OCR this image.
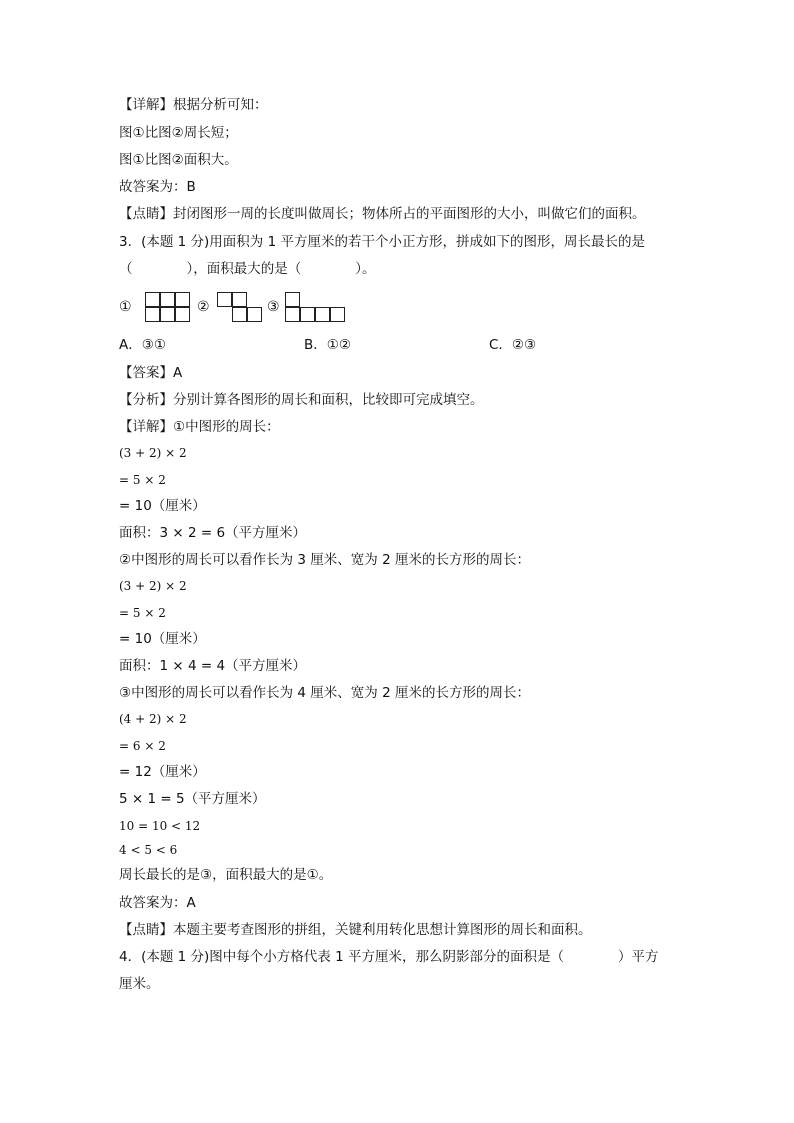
【详解】根据分析可知：
图①比图②周长短；
图①比图②面积大。
故答案为：B
【点睛】封闭图形一周的长度叫做周长；物体所占的平面图形的大小，叫做它们的面积。
3．(本题 1 分)用面积为 1 平方厘米的若干个小正方形，拼成如下的图形，周长最长的是
（　　　　），面积最大的是（　　　　）。
①	②	③
A．③①	B．①②	C．②③
【答案】A
【分析】分别计算各图形的周长和面积，比较即可完成填空。
【详解】①中图形的周长：
(3 + 2) × 2
= 5 × 2
= 10（厘米）
面积：3 × 2 = 6（平方厘米）
②中图形的周长可以看作长为 3 厘米、宽为 2 厘米的长方形的周长：
(3 + 2) × 2
= 5 × 2
= 10（厘米）
面积：1 × 4 = 4（平方厘米）
③中图形的周长可以看作长为 4 厘米、宽为 2 厘米的长方形的周长：
(4 + 2) × 2
= 6 × 2
= 12（厘米）
5 × 1 = 5（平方厘米）
10 = 10 < 12
4 < 5 < 6
周长最长的是③，面积最大的是①。
故答案为：A
【点睛】本题主要考查图形的拼组，关键利用转化思想计算图形的周长和面积。
4．(本题 1 分)图中每个小方格代表 1 平方厘米，那么阴影部分的面积是（　　　　）平方
厘米。
